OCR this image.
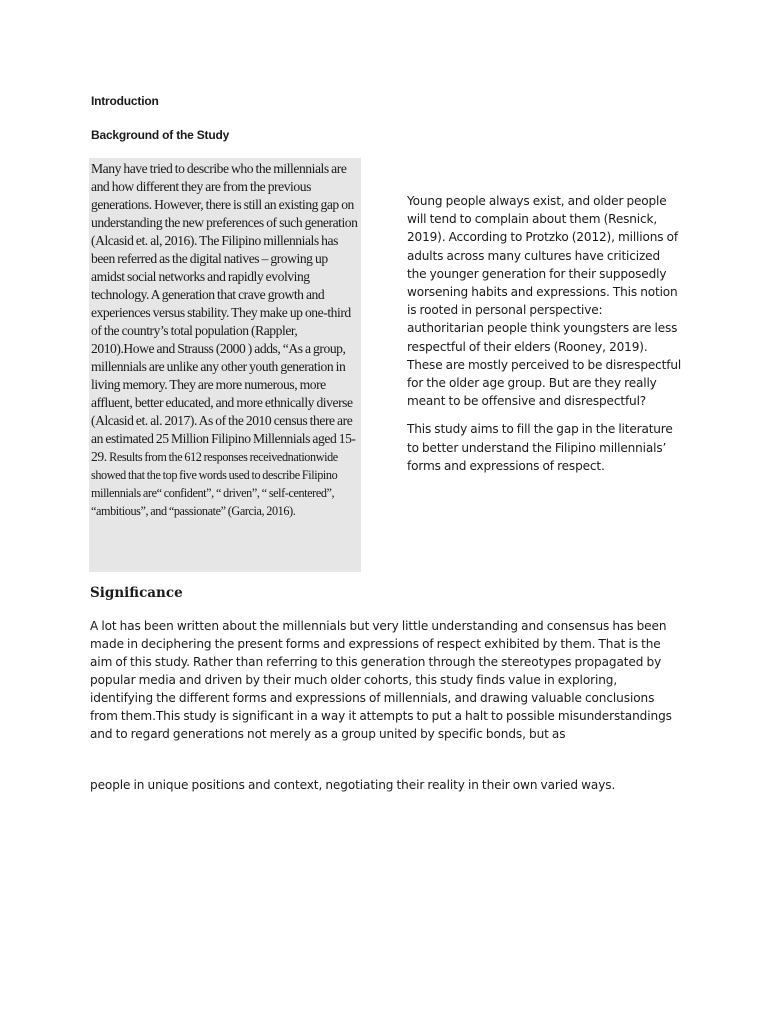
Introduction
Background of the Study
Many have tried to describe who the millennials are and how different they are from the previous generations. However, there is still an existing gap on understanding the new preferences of such generation (Alcasid et. al, 2016). The Filipino millennials has been referred as the digital natives – growing up amidst social networks and rapidly evolving technology. A generation that crave growth and experiences versus stability. They make up one-third of the country’s total population (Rappler, 2010).Howe and Strauss (2000 ) adds, “As a group, millennials are unlike any other youth generation in living memory. They are more numerous, more affluent, better educated, and more ethnically diverse (Alcasid et. al. 2017). As of the 2010 census there are an estimated 25 Million Filipino Millennials aged 15-29. Results from the 612 responses receivednationwide showed that the top five words used to describe Filipino millennials are“ confident”, “ driven”, “ self-centered”, “ambitious”, and “passionate” (Garcia, 2016).

Young people always exist, and older people will tend to complain about them (Resnick, 2019). According to Protzko (2012), millions of adults across many cultures have criticized the younger generation for their supposedly worsening habits and expressions. This notion is rooted in personal perspective: authoritarian people think youngsters are less respectful of their elders (Rooney, 2019). These are mostly perceived to be disrespectful for the older age group. But are they really meant to be offensive and disrespectful?

This study aims to fill the gap in the literature to better understand the Filipino millennials’ forms and expressions of respect.

Significance

A lot has been written about the millennials but very little understanding and consensus has been made in deciphering the present forms and expressions of respect exhibited by them. That is the aim of this study. Rather than referring to this generation through the stereotypes propagated by popular media and driven by their much older cohorts, this study finds value in exploring, identifying the different forms and expressions of millennials, and drawing valuable conclusions from them.This study is significant in a way it attempts to put a halt to possible misunderstandings and to regard generations not merely as a group united by specific bonds, but as

people in unique positions and context, negotiating their reality in their own varied ways.
